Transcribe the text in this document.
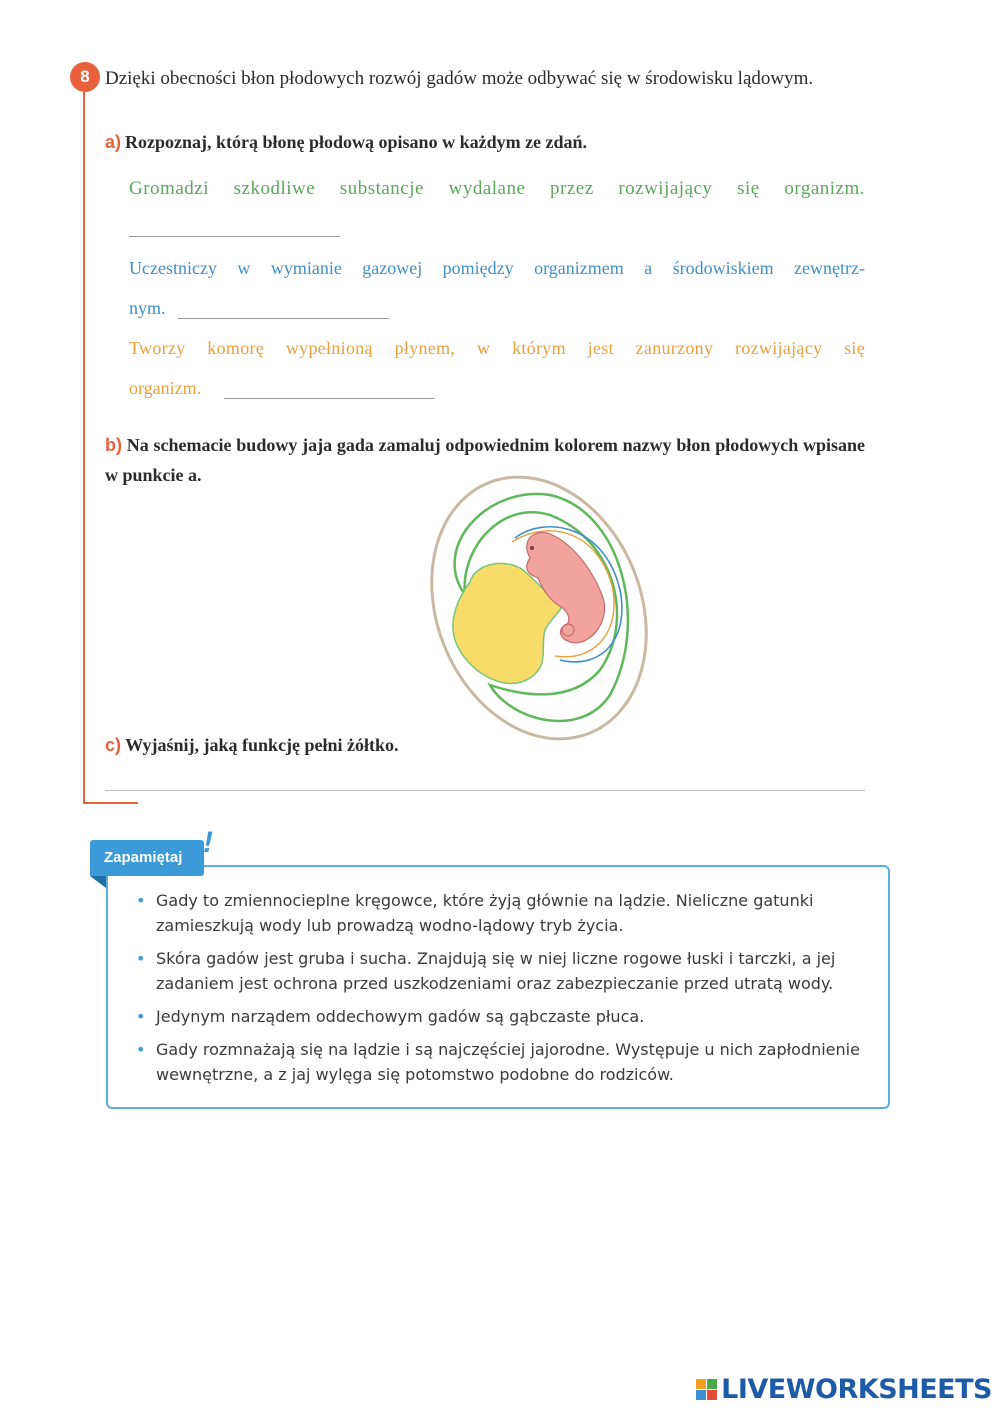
8 Dzięki obecności błon płodowych rozwój gadów może odbywać się w środowisku lądowym.
a) Rozpoznaj, którą błonę płodową opisano w każdym ze zdań.
Gromadzi szkodliwe substancje wydalane przez rozwijający się organizm.
Uczestniczy w wymianie gazowej pomiędzy organizmem a środowiskiem zewnętrz-
nym.
Tworzy komorę wypełnioną płynem, w którym jest zanurzony rozwijający się
organizm.
b) Na schemacie budowy jaja gada zamaluj odpowiednim kolorem nazwy błon płodowych wpisane w punkcie a.
c) Wyjaśnij, jaką funkcję pełni żółtko.
Zapamiętaj !
• Gady to zmiennocieplne kręgowce, które żyją głównie na lądzie. Nieliczne gatunki zamieszkują wody lub prowadzą wodno-lądowy tryb życia.
• Skóra gadów jest gruba i sucha. Znajdują się w niej liczne rogowe łuski i tarczki, a jej zadaniem jest ochrona przed uszkodzeniami oraz zabezpieczanie przed utratą wody.
• Jedynym narządem oddechowym gadów są gąbczaste płuca.
• Gady rozmnażają się na lądzie i są najczęściej jajorodne. Występuje u nich zapłodnienie wewnętrzne, a z jaj wylęga się potomstwo podobne do rodziców.
LIVEWORKSHEETS
